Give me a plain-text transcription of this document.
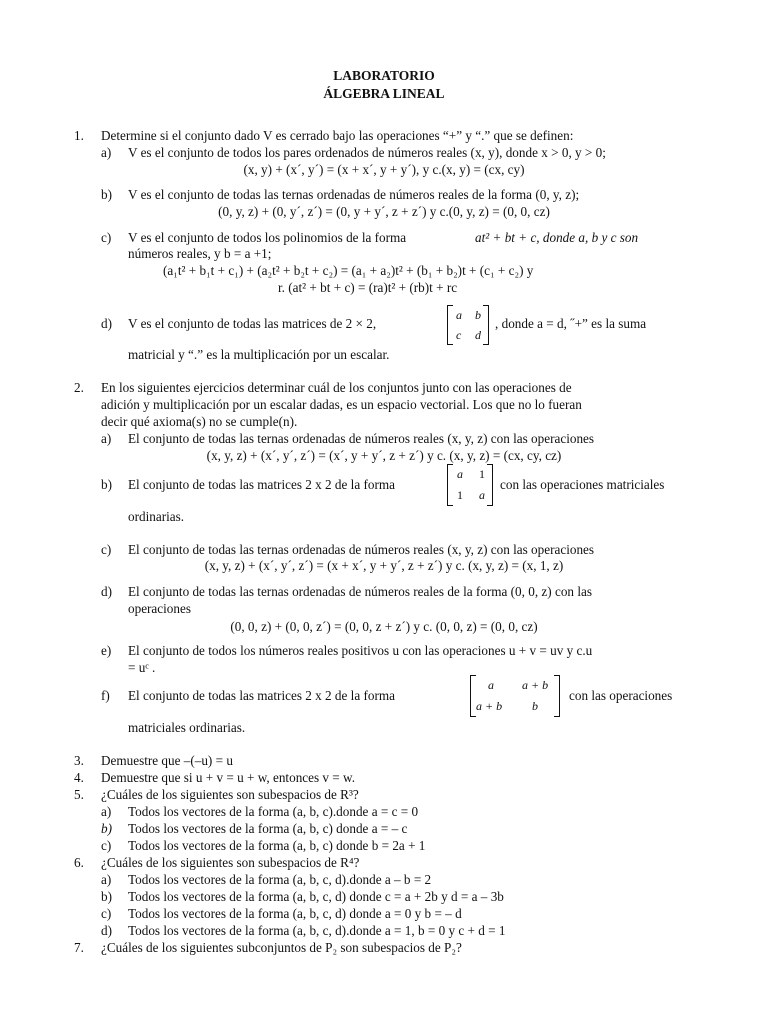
LABORATORIO
ÁLGEBRA LINEAL
1. Determine si el conjunto dado V es cerrado bajo las operaciones “+” y “.” que se definen:
a) V es el conjunto de todos los pares ordenados de números reales (x, y), donde x > 0, y > 0;
(x, y) + (x´, y´) = (x + x´, y + y´), y c.(x, y) = (cx, cy)
b) V es el conjunto de todas las ternas ordenadas de números reales de la forma (0, y, z);
(0, y, z) + (0, y´, z´) = (0, y + y´, z + z´) y c.(0, y, z) = (0, 0, cz)
c) V es el conjunto de todos los polinomios de la forma	at² + bt + c, donde a, b y c son
números reales, y b = a +1;
(a₁t² + b₁t + c₁) + (a₂t² + b₂t + c₂) = (a₁ + a₂)t² + (b₁ + b₂)t + (c₁ + c₂) y
r. (at² + bt + c) = (ra)t² + (rb)t + rc
d) V es el conjunto de todas las matrices de 2 × 2,
a b
c d
, donde a = d, ˝+” es la suma
matricial y “.” es la multiplicación por un escalar.
2. En los siguientes ejercicios determinar cuál de los conjuntos junto con las operaciones de
adición y multiplicación por un escalar dadas, es un espacio vectorial. Los que no lo fueran
decir qué axioma(s) no se cumple(n).
a) El conjunto de todas las ternas ordenadas de números reales (x, y, z) con las operaciones
(x, y, z) + (x´, y´, z´) = (x´, y + y´, z + z´) y c. (x, y, z) = (cx, cy, cz)
b) El conjunto de todas las matrices 2 x 2 de la forma
a 1
1 a
con las operaciones matriciales
ordinarias.
c) El conjunto de todas las ternas ordenadas de números reales (x, y, z) con las operaciones
(x, y, z) + (x´, y´, z´) = (x + x´, y + y´, z + z´) y c. (x, y, z) = (x, 1, z)
d) El conjunto de todas las ternas ordenadas de números reales de la forma (0, 0, z) con las
operaciones
(0, 0, z) + (0, 0, z´) = (0, 0, z + z´) y c. (0, 0, z) = (0, 0, cz)
e) El conjunto de todos los números reales positivos u con las operaciones u + v = uv y c.u
= uᶜ .
f) El conjunto de todas las matrices 2 x 2 de la forma
a a + b
a + b b
con las operaciones
matriciales ordinarias.
3. Demuestre que –(–u) = u
4. Demuestre que si u + v = u + w, entonces v = w.
5. ¿Cuáles de los siguientes son subespacios de R³?
a) Todos los vectores de la forma (a, b, c).donde a = c = 0
b) Todos los vectores de la forma (a, b, c) donde a = – c
c) Todos los vectores de la forma (a, b, c) donde b = 2a + 1
6. ¿Cuáles de los siguientes son subespacios de R⁴?
a) Todos los vectores de la forma (a, b, c, d).donde a – b = 2
b) Todos los vectores de la forma (a, b, c, d) donde c = a + 2b y d = a – 3b
c) Todos los vectores de la forma (a, b, c, d) donde a = 0 y b = – d
d) Todos los vectores de la forma (a, b, c, d).donde a = 1, b = 0 y c + d = 1
7. ¿Cuáles de los siguientes subconjuntos de P₂ son subespacios de P₂?
